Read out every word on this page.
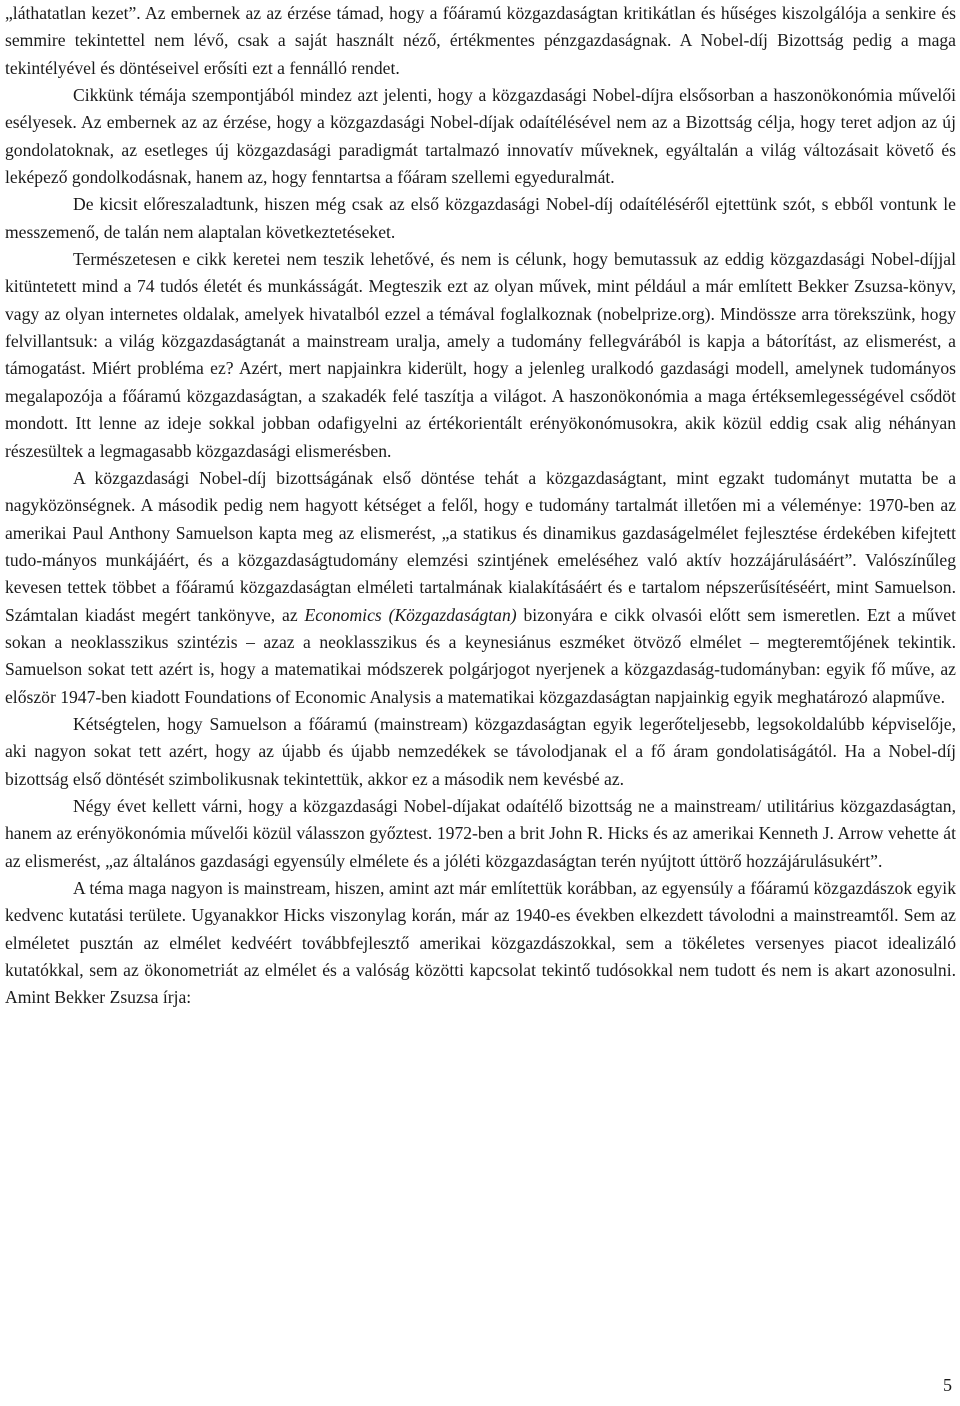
„láthatatlan kezet”. Az embernek az az érzése támad, hogy a főáramú közgazdaságtan kritikátlan és hűséges kiszolgálója a senkire és semmire tekintettel nem lévő, csak a saját használt néző, értékmentes pénzgazdaságnak. A Nobel-díj Bizottság pedig a maga tekintélyével és döntéseivel erősíti ezt a fennálló rendet.

Cikkünk témája szempontjából mindez azt jelenti, hogy a közgazdasági Nobel-díjra elsősorban a haszonökonómia művelői esélyesek. Az embernek az az érzése, hogy a közgazdasági Nobel-díjak odaítélésével nem az a Bizottság célja, hogy teret adjon az új gondolatoknak, az esetleges új közgazdasági paradigmát tartalmazó innovatív műveknek, egyáltalán a világ változásait követő és leképező gondolkodásnak, hanem az, hogy fenntartsa a főáram szellemi egyeduralmát.

De kicsit előreszaladtunk, hiszen még csak az első közgazdasági Nobel-díj odaítéléséről ejtettünk szót, s ebből vontunk le messzemenő, de talán nem alaptalan következtetéseket.

Természetesen e cikk keretei nem teszik lehetővé, és nem is célunk, hogy bemutassuk az eddig közgazdasági Nobel-díjjal kitüntetett mind a 74 tudós életét és munkásságát. Megteszik ezt az olyan művek, mint például a már említett Bekker Zsuzsa-könyv, vagy az olyan internetes oldalak, amelyek hivatalból ezzel a témával foglalkoznak (nobelprize.org). Mindössze arra törekszünk, hogy felvillantsuk: a világ közgazdaságtanát a mainstream uralja, amely a tudomány fellegvárából is kapja a bátorítást, az elismerést, a támogatást. Miért probléma ez? Azért, mert napjainkra kiderült, hogy a jelenleg uralkodó gazdasági modell, amelynek tudományos megalapozója a főáramú közgazdaságtan, a szakadék felé taszítja a világot. A haszonökonómia a maga értéksemlegességével csődöt mondott. Itt lenne az ideje sokkal jobban odafigyelni az értékorientált erényökonómusokra, akik közül eddig csak alig néhányan részesültek a legmagasabb közgazdasági elismerésben.

A közgazdasági Nobel-díj bizottságának első döntése tehát a közgazdaságtant, mint egzakt tudományt mutatta be a nagyközönségnek. A második pedig nem hagyott kétséget a felől, hogy e tudomány tartalmát illetően mi a véleménye: 1970-ben az amerikai Paul Anthony Samuelson kapta meg az elismerést, „a statikus és dinamikus gazdaságelmélet fejlesztése érdekében kifejtett tudo-mányos munkájáért, és a közgazdaságtudomány elemzési szintjének emeléséhez való aktív hozzájárulásáért”. Valószínűleg kevesen tettek többet a főáramú közgazdaságtan elméleti tartalmának kialakításáért és e tartalom népszerűsítéséért, mint Samuelson. Számtalan kiadást megért tankönyve, az Economics (Közgazdaságtan) bizonyára e cikk olvasói előtt sem ismeretlen. Ezt a művet sokan a neoklasszikus szintézis – azaz a neoklasszikus és a keynesiánus eszméket ötvöző elmélet – megteremtőjének tekintik. Samuelson sokat tett azért is, hogy a matematikai módszerek polgárjogot nyerjenek a közgazdaság-tudományban: egyik fő műve, az először 1947-ben kiadott Foundations of Economic Analysis a matematikai közgazdaságtan napjainkig egyik meghatározó alapműve.

Kétségtelen, hogy Samuelson a főáramú (mainstream) közgazdaságtan egyik legerőteljesebb, legsokoldalúbb képviselője, aki nagyon sokat tett azért, hogy az újabb és újabb nemzedékek se távolodjanak el a fő áram gondolatiságától. Ha a Nobel-díj bizottság első döntését szimbolikusnak tekintettük, akkor ez a második nem kevésbé az.

Négy évet kellett várni, hogy a közgazdasági Nobel-díjakat odaítélő bizottság ne a mainstream/ utilitárius közgazdaságtan, hanem az erényökonómia művelői közül válasszon győztest. 1972-ben a brit John R. Hicks és az amerikai Kenneth J. Arrow vehette át az elismerést, „az általános gazdasági egyensúly elmélete és a jóléti közgazdaságtan terén nyújtott úttörő hozzájárulásukért”.

A téma maga nagyon is mainstream, hiszen, amint azt már említettük korábban, az egyensúly a főáramú közgazdászok egyik kedvenc kutatási területe. Ugyanakkor Hicks viszonylag korán, már az 1940-es években elkezdett távolodni a mainstreamtől. Sem az elméletet pusztán az elmélet kedvéért továbbfejlesztő amerikai közgazdászokkal, sem a tökéletes versenyes piacot idealizáló kutatókkal, sem az ökonometriát az elmélet és a valóság közötti kapcsolat tekintő tudósokkal nem tudott és nem is akart azonosulni. Amint Bekker Zsuzsa írja:

5
